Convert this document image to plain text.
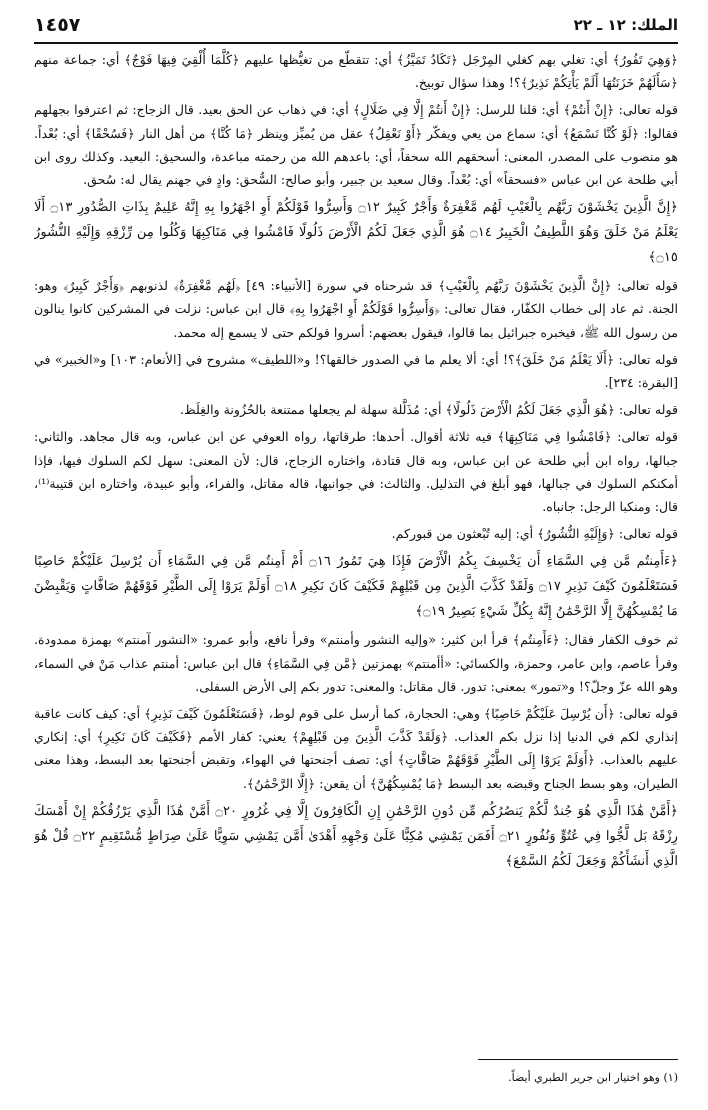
الملك: ١٢ ـ ٢٢
١٤٥٧

﴿وَهِيَ تَفُورُ﴾ أي: تغلي بهم كغلي المِرْجَل ﴿تَكَادُ تَمَيَّزُ﴾ أي: تتقطّع من تغيُّظها عليهم ﴿كُلَّمَا أُلْقِيَ فِيهَا فَوْجٌ﴾ أي: جماعة منهم ﴿سَأَلَهُمْ خَزَنَتُهَا أَلَمْ يَأْتِكُمْ نَذِيرٌ﴾؟! وهذا سؤال توبيخ.

قوله تعالى: ﴿إِنْ أَنتُمْ﴾ أي: قلنا للرسل: ﴿إِنْ أَنتُمْ إِلَّا فِي ضَلَالٍ﴾ أي: في ذهاب عن الحق بعيد. قال الزجاج: ثم اعترفوا بجهلهم فقالوا: ﴿لَوْ كُنَّا نَسْمَعُ﴾ أي: سماع من يعي ويفكّر ﴿أَوْ نَعْقِلُ﴾ عقل من يُميِّز وينظر ﴿مَا كُنَّا﴾ من أهل النار ﴿فَسُحْقًا﴾ أي: بُعْداً. هو منصوب على المصدر، المعنى: أسحقهم الله سحقاً، أي: باعدهم الله من رحمته مباعدة، والسحيق: البعيد. وكذلك روى ابن أبي طلحة عن ابن عباس «فسحقاً» أي: بُعْداً. وقال سعيد بن جبير، وأبو صالح: السُّحق: وادٍ في جهنم يقال له: سُحق.

﴿إِنَّ الَّذِينَ يَخْشَوْنَ رَبَّهُم بِالْغَيْبِ لَهُم مَّغْفِرَةٌ وَأَجْرٌ كَبِيرٌ ۝١٢ وَأَسِرُّوا قَوْلَكُمْ أَوِ اجْهَرُوا بِهِ إِنَّهُ عَلِيمٌ بِذَاتِ الصُّدُورِ ۝١٣ أَلَا يَعْلَمُ مَنْ خَلَقَ وَهُوَ اللَّطِيفُ الْخَبِيرُ ۝١٤ هُوَ الَّذِي جَعَلَ لَكُمُ الْأَرْضَ ذَلُولًا فَامْشُوا فِي مَنَاكِبِهَا وَكُلُوا مِن رِّزْقِهِ وَإِلَيْهِ النُّشُورُ ۝١٥﴾

قوله تعالى: ﴿إِنَّ الَّذِينَ يَخْشَوْنَ رَبَّهُم بِالْغَيْبِ﴾ قد شرحناه في سورة [الأنبياء: ٤٩] ﴿لَهُم مَّغْفِرَةٌ﴾ لذنوبهم ﴿وَأَجْرٌ كَبِيرٌ﴾ وهو: الجنة. ثم عاد إلى خطاب الكفّار، فقال تعالى: ﴿وَأَسِرُّوا قَوْلَكُمْ أَوِ اجْهَرُوا بِهِ﴾ قال ابن عباس: نزلت في المشركين كانوا ينالون من رسول الله ﷺ، فيخبره جبرائيل بما قالوا، فيقول بعضهم: أسروا قولكم حتى لا يسمع إله محمد.

قوله تعالى: ﴿أَلَا يَعْلَمُ مَنْ خَلَقَ﴾؟! أي: ألا يعلم ما في الصدور خالقها؟! و«اللطيف» مشروح في [الأنعام: ١٠٣] و«الخبير» في [البقرة: ٢٣٤].

قوله تعالى: ﴿هُوَ الَّذِي جَعَلَ لَكُمُ الْأَرْضَ ذَلُولًا﴾ أي: مُذَلَّلة سهلة لم يجعلها ممتنعة بالحُزُونة والغِلَظ.

قوله تعالى: ﴿فَامْشُوا فِي مَنَاكِبِهَا﴾ فيه ثلاثة أقوال. أحدها: طرقاتها، رواه العوفي عن ابن عباس، وبه قال مجاهد. والثاني: جبالها، رواه ابن أبي طلحة عن ابن عباس، وبه قال قتادة، واختاره الزجاج، قال: لأن المعنى: سهل لكم السلوك فيها، فإذا أمكنكم السلوك في جبالها، فهو أبلغ في التذليل. والثالث: في جوانبها، قاله مقاتل، والفراء، وأبو عبيدة، واختاره ابن قتيبة⁽¹⁾، قال: ومنكبا الرجل: جانباه.

قوله تعالى: ﴿وَإِلَيْهِ النُّشُورُ﴾ أي: إليه تُبْعثون من قبوركم.

﴿ءَأَمِنتُم مَّن فِي السَّمَاءِ أَن يَخْسِفَ بِكُمُ الْأَرْضَ فَإِذَا هِيَ تَمُورُ ۝١٦ أَمْ أَمِنتُم مَّن فِي السَّمَاءِ أَن يُرْسِلَ عَلَيْكُمْ حَاصِبًا فَسَتَعْلَمُونَ كَيْفَ نَذِيرِ ۝١٧ وَلَقَدْ كَذَّبَ الَّذِينَ مِن قَبْلِهِمْ فَكَيْفَ كَانَ نَكِيرِ ۝١٨ أَوَلَمْ يَرَوْا إِلَى الطَّيْرِ فَوْقَهُمْ صَافَّاتٍ وَيَقْبِضْنَ مَا يُمْسِكُهُنَّ إِلَّا الرَّحْمَٰنُ إِنَّهُ بِكُلِّ شَيْءٍ بَصِيرٌ ۝١٩﴾

ثم خوف الكفار فقال: ﴿ءَأَمِنتُم﴾ قرأ ابن كثير: «وإليه النشور وأمنتم» وقرأ نافع، وأبو عمرو: «النشور آمنتم» بهمزة ممدودة. وقرأ عاصم، وابن عامر، وحمزة، والكسائي: «أأمنتم» بهمزتين ﴿مَّن فِي السَّمَاءِ﴾ قال ابن عباس: أمنتم عذاب مَنْ في السماء، وهو الله عزّ وجلّ؟! و«تمور» بمعنى: تدور. قال مقاتل: والمعنى: تدور بكم إلى الأرض السفلى.

قوله تعالى: ﴿أَن يُرْسِلَ عَلَيْكُمْ حَاصِبًا﴾ وهي: الحجارة، كما أرسل على قوم لوط، ﴿فَسَتَعْلَمُونَ كَيْفَ نَذِيرِ﴾ أي: كيف كانت عاقبة إنذاري لكم في الدنيا إذا نزل بكم العذاب. ﴿وَلَقَدْ كَذَّبَ الَّذِينَ مِن قَبْلِهِمْ﴾ يعني: كفار الأمم ﴿فَكَيْفَ كَانَ نَكِيرِ﴾ أي: إنكاري عليهم بالعذاب. ﴿أَوَلَمْ يَرَوْا إِلَى الطَّيْرِ فَوْقَهُمْ صَافَّاتٍ﴾ أي: تصف أجنحتها في الهواء، وتقبض أجنحتها بعد البسط، وهذا معنى الطيران، وهو بسط الجناح وقبضه بعد البسط ﴿مَا يُمْسِكُهُنَّ﴾ أن يقعن: ﴿إِلَّا الرَّحْمَٰنُ﴾.

﴿أَمَّنْ هَٰذَا الَّذِي هُوَ جُندٌ لَّكُمْ يَنصُرُكُم مِّن دُونِ الرَّحْمَٰنِ إِنِ الْكَافِرُونَ إِلَّا فِي غُرُورٍ ۝٢٠ أَمَّنْ هَٰذَا الَّذِي يَرْزُقُكُمْ إِنْ أَمْسَكَ رِزْقَهُ بَل لَّجُّوا فِي عُتُوٍّ وَنُفُورٍ ۝٢١ أَفَمَن يَمْشِي مُكِبًّا عَلَىٰ وَجْهِهِ أَهْدَىٰ أَمَّن يَمْشِي سَوِيًّا عَلَىٰ صِرَاطٍ مُّسْتَقِيمٍ ۝٢٢ قُلْ هُوَ الَّذِي أَنشَأَكُمْ وَجَعَلَ لَكُمُ السَّمْعَ﴾

(١) وهو اختيار ابن جرير الطبري أيضاً.
